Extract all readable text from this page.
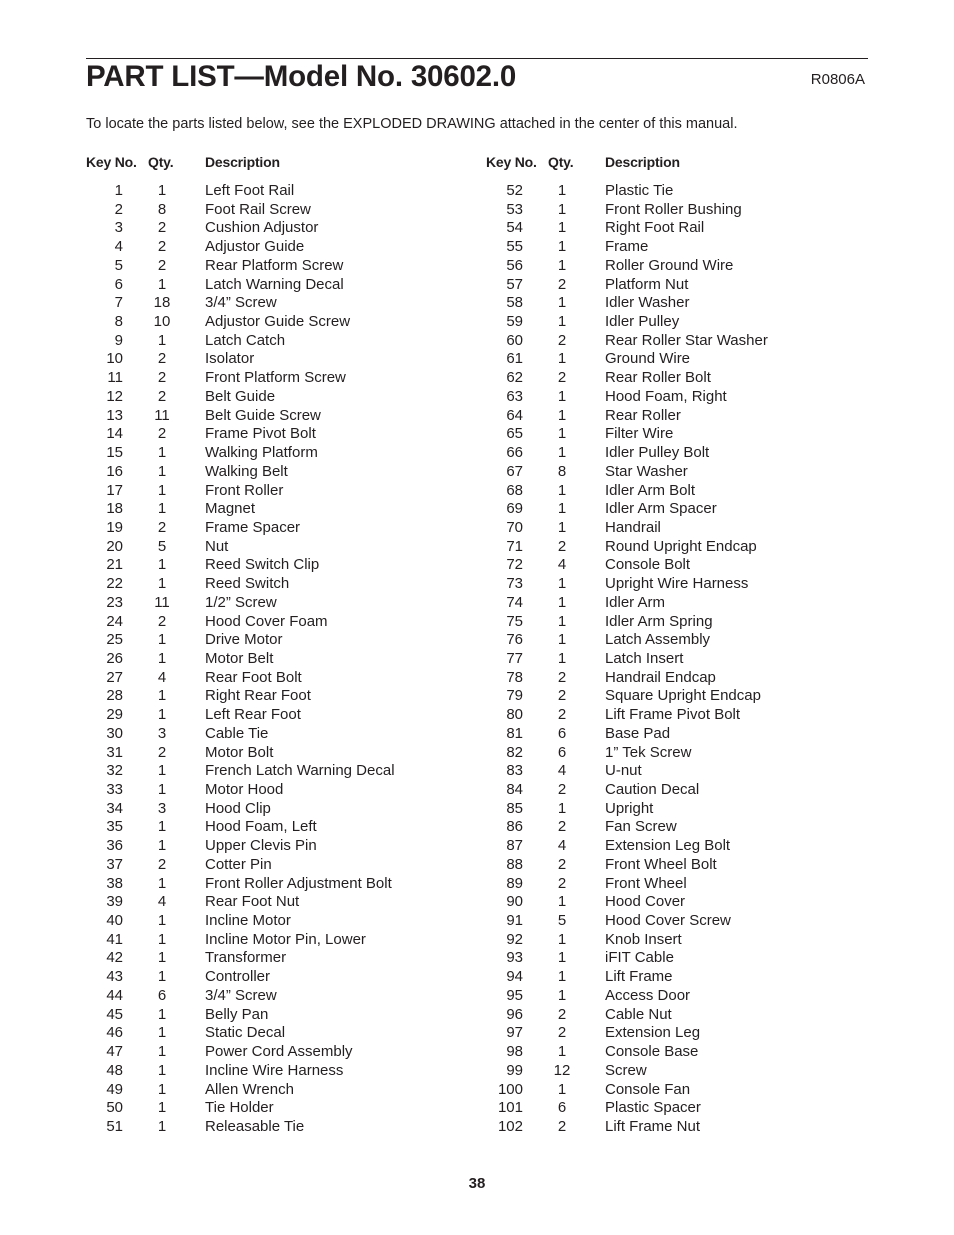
PART LIST—Model No. 30602.0	R0806A
To locate the parts listed below, see the EXPLODED DRAWING attached in the center of this manual.
Key No. Qty. Description
1	1	Left Foot Rail
2	8	Foot Rail Screw
3	2	Cushion Adjustor
4	2	Adjustor Guide
5	2	Rear Platform Screw
6	1	Latch Warning Decal
7	18	3/4” Screw
8	10	Adjustor Guide Screw
9	1	Latch Catch
10	2	Isolator
11	2	Front Platform Screw
12	2	Belt Guide
13	11	Belt Guide Screw
14	2	Frame Pivot Bolt
15	1	Walking Platform
16	1	Walking Belt
17	1	Front Roller
18	1	Magnet
19	2	Frame Spacer
20	5	Nut
21	1	Reed Switch Clip
22	1	Reed Switch
23	11	1/2” Screw
24	2	Hood Cover Foam
25	1	Drive Motor
26	1	Motor Belt
27	4	Rear Foot Bolt
28	1	Right Rear Foot
29	1	Left Rear Foot
30	3	Cable Tie
31	2	Motor Bolt
32	1	French Latch Warning Decal
33	1	Motor Hood
34	3	Hood Clip
35	1	Hood Foam, Left
36	1	Upper Clevis Pin
37	2	Cotter Pin
38	1	Front Roller Adjustment Bolt
39	4	Rear Foot Nut
40	1	Incline Motor
41	1	Incline Motor Pin, Lower
42	1	Transformer
43	1	Controller
44	6	3/4” Screw
45	1	Belly Pan
46	1	Static Decal
47	1	Power Cord Assembly
48	1	Incline Wire Harness
49	1	Allen Wrench
50	1	Tie Holder
51	1	Releasable Tie
Key No. Qty. Description
52	1	Plastic Tie
53	1	Front Roller Bushing
54	1	Right Foot Rail
55	1	Frame
56	1	Roller Ground Wire
57	2	Platform Nut
58	1	Idler Washer
59	1	Idler Pulley
60	2	Rear Roller Star Washer
61	1	Ground Wire
62	2	Rear Roller Bolt
63	1	Hood Foam, Right
64	1	Rear Roller
65	1	Filter Wire
66	1	Idler Pulley Bolt
67	8	Star Washer
68	1	Idler Arm Bolt
69	1	Idler Arm Spacer
70	1	Handrail
71	2	Round Upright Endcap
72	4	Console Bolt
73	1	Upright Wire Harness
74	1	Idler Arm
75	1	Idler Arm Spring
76	1	Latch Assembly
77	1	Latch Insert
78	2	Handrail Endcap
79	2	Square Upright Endcap
80	2	Lift Frame Pivot Bolt
81	6	Base Pad
82	6	1” Tek Screw
83	4	U-nut
84	2	Caution Decal
85	1	Upright
86	2	Fan Screw
87	4	Extension Leg Bolt
88	2	Front Wheel Bolt
89	2	Front Wheel
90	1	Hood Cover
91	5	Hood Cover Screw
92	1	Knob Insert
93	1	iFIT Cable
94	1	Lift Frame
95	1	Access Door
96	2	Cable Nut
97	2	Extension Leg
98	1	Console Base
99	12	Screw
100	1	Console Fan
101	6	Plastic Spacer
102	2	Lift Frame Nut
38
